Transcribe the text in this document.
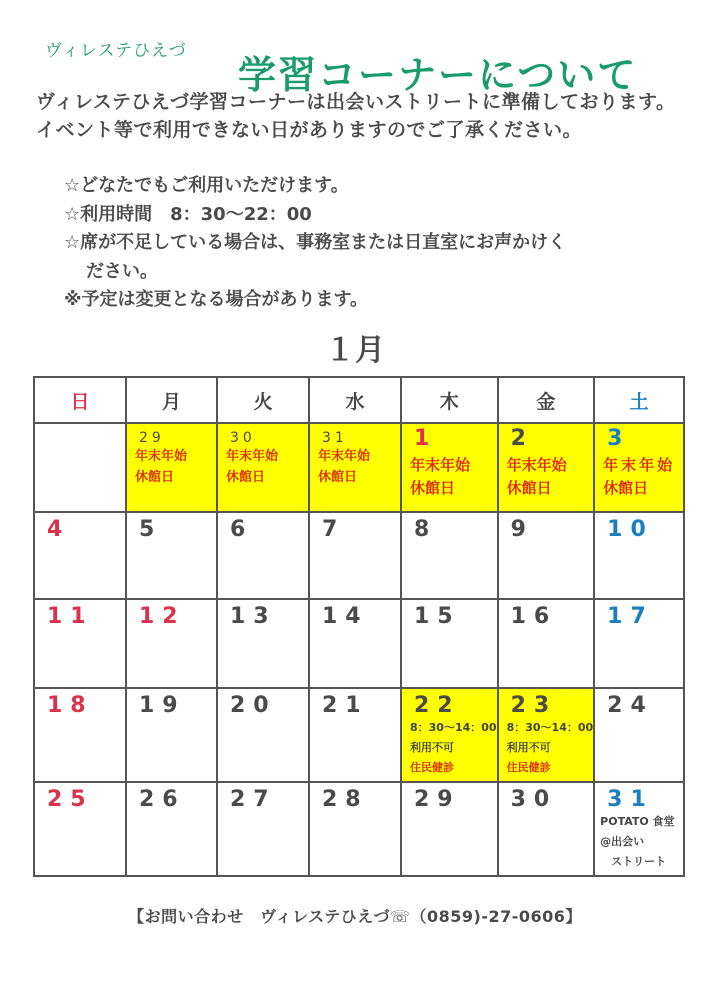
ヴィレステひえづ
学習コーナーについて
ヴィレステひえづ学習コーナーは出会いストリートに準備しております。イベント等で利用できない日がありますのでご了承ください。
☆どなたでもご利用いただけます。
☆利用時間　8：30～22：00
☆席が不足している場合は、事務室または日直室にお声かけく
ださい。
※予定は変更となる場合があります。
１月
日	月	火	水	木	金	土

	29
年末年始
休館日	30
年末年始
休館日	31
年末年始
休館日	1
年末年始
休館日	2
年末年始
休館日	3
年末年始
休館日

4	5	6	7	8	9	10

11	12	13	14	15	16	17

18	19	20	21	22
8：30～14：00
利用不可
住民健診	23
8：30～14：00
利用不可
住民健診	24

25	26	27	28	29	30	31
POTATO 食堂
@出会い
　ストリート
【お問い合わせ　ヴィレステひえづ☏（0859)-27-0606】
